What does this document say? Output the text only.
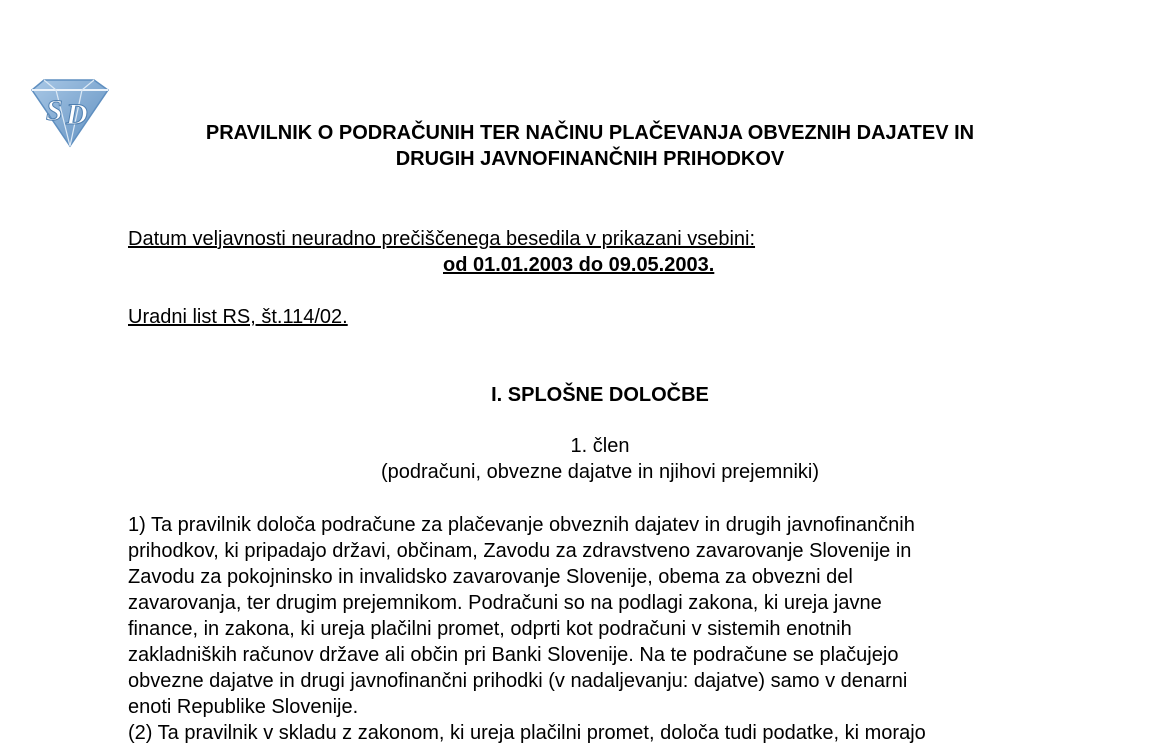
S D
PRAVILNIK O PODRAČUNIH TER NAČINU PLAČEVANJA OBVEZNIH DAJATEV IN
DRUGIH JAVNOFINANČNIH PRIHODKOV
Datum veljavnosti neuradno prečiščenega besedila v prikazani vsebini:
od 01.01.2003 do 09.05.2003.
Uradni list RS, št.114/02.
I. SPLOŠNE DOLOČBE
1. člen
(podračuni, obvezne dajatve in njihovi prejemniki)
1) Ta pravilnik določa podračune za plačevanje obveznih dajatev in drugih javnofinančnih
prihodkov, ki pripadajo državi, občinam, Zavodu za zdravstveno zavarovanje Slovenije in
Zavodu za pokojninsko in invalidsko zavarovanje Slovenije, obema za obvezni del
zavarovanja, ter drugim prejemnikom. Podračuni so na podlagi zakona, ki ureja javne
finance, in zakona, ki ureja plačilni promet, odprti kot podračuni v sistemih enotnih
zakladniških računov države ali občin pri Banki Slovenije. Na te podračune se plačujejo
obvezne dajatve in drugi javnofinančni prihodki (v nadaljevanju: dajatve) samo v denarni
enoti Republike Slovenije.
(2) Ta pravilnik v skladu z zakonom, ki ureja plačilni promet, določa tudi podatke, ki morajo
